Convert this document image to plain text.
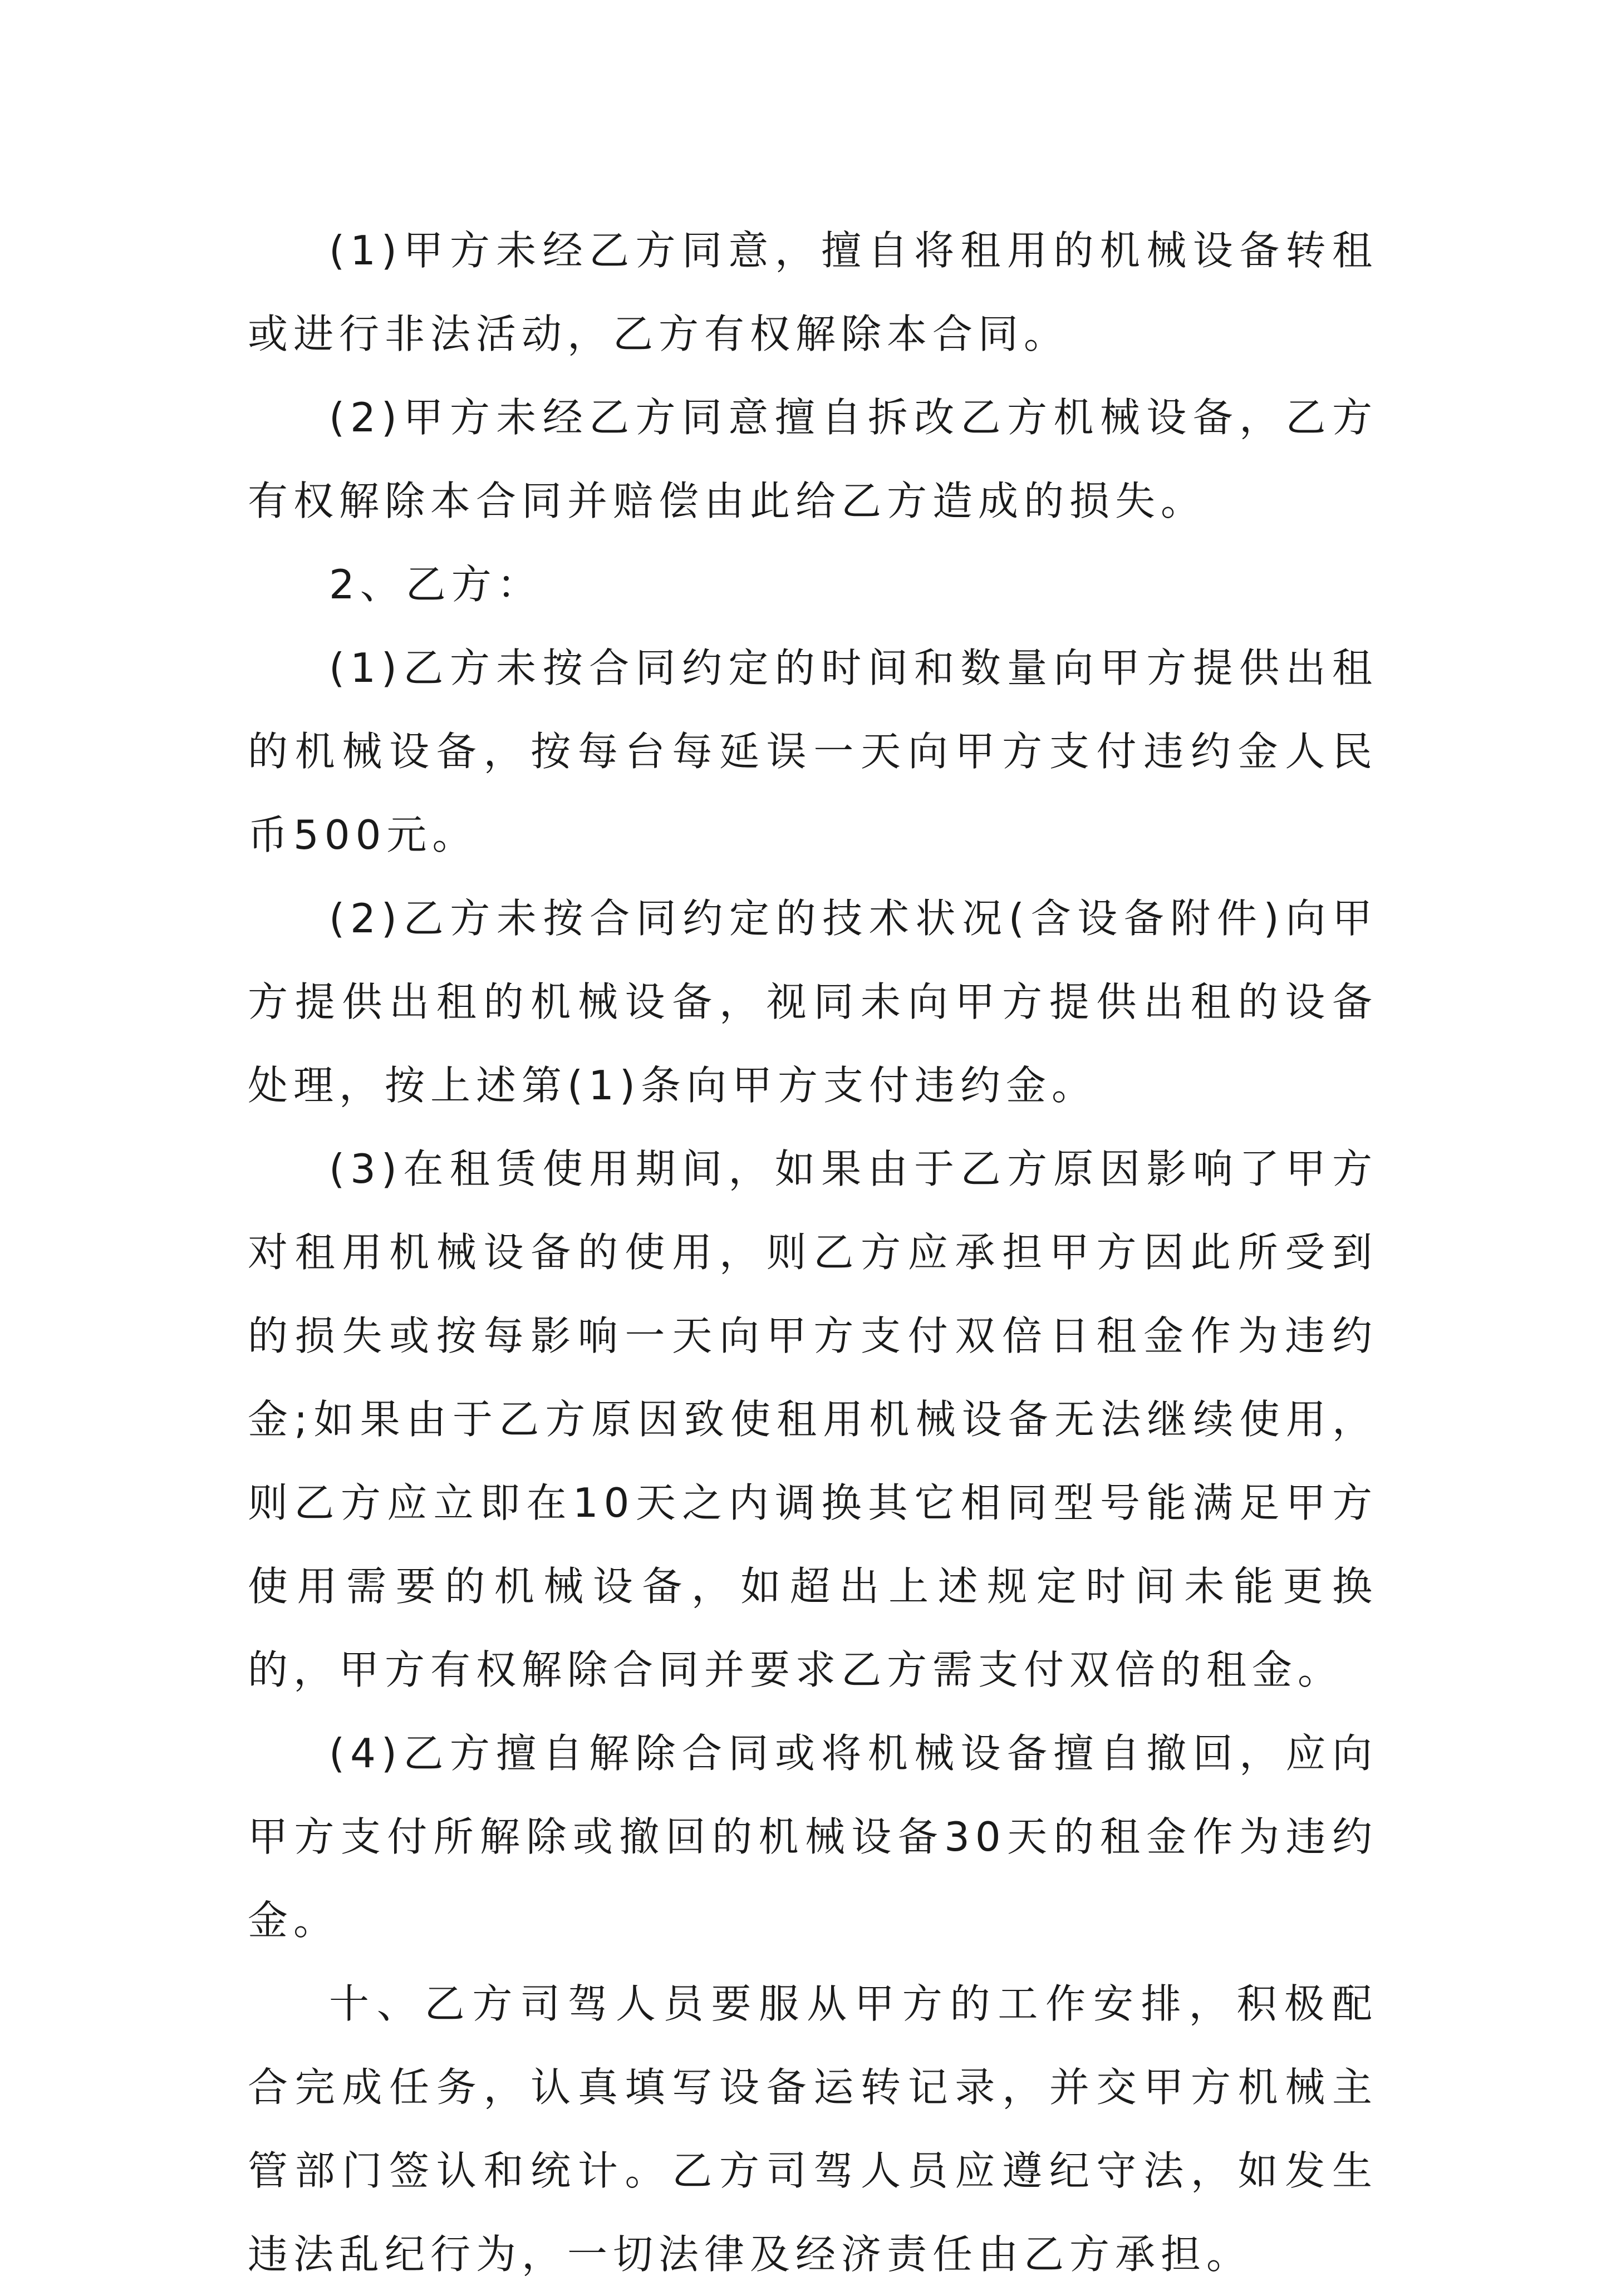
(1)甲方未经乙方同意，擅自将租用的机械设备转租或进行非法活动，乙方有权解除本合同。

(2)甲方未经乙方同意擅自拆改乙方机械设备，乙方有权解除本合同并赔偿由此给乙方造成的损失。

2、乙方：

(1)乙方未按合同约定的时间和数量向甲方提供出租的机械设备，按每台每延误一天向甲方支付违约金人民币500元。

(2)乙方未按合同约定的技术状况(含设备附件)向甲方提供出租的机械设备，视同未向甲方提供出租的设备处理，按上述第(1)条向甲方支付违约金。

(3)在租赁使用期间，如果由于乙方原因影响了甲方对租用机械设备的使用，则乙方应承担甲方因此所受到的损失或按每影响一天向甲方支付双倍日租金作为违约金;如果由于乙方原因致使租用机械设备无法继续使用，则乙方应立即在10天之内调换其它相同型号能满足甲方使用需要的机械设备，如超出上述规定时间未能更换的，甲方有权解除合同并要求乙方需支付双倍的租金。

(4)乙方擅自解除合同或将机械设备擅自撤回，应向甲方支付所解除或撤回的机械设备30天的租金作为违约金。

十、乙方司驾人员要服从甲方的工作安排，积极配合完成任务，认真填写设备运转记录，并交甲方机械主管部门签认和统计。乙方司驾人员应遵纪守法，如发生违法乱纪行为，一切法律及经济责任由乙方承担。
